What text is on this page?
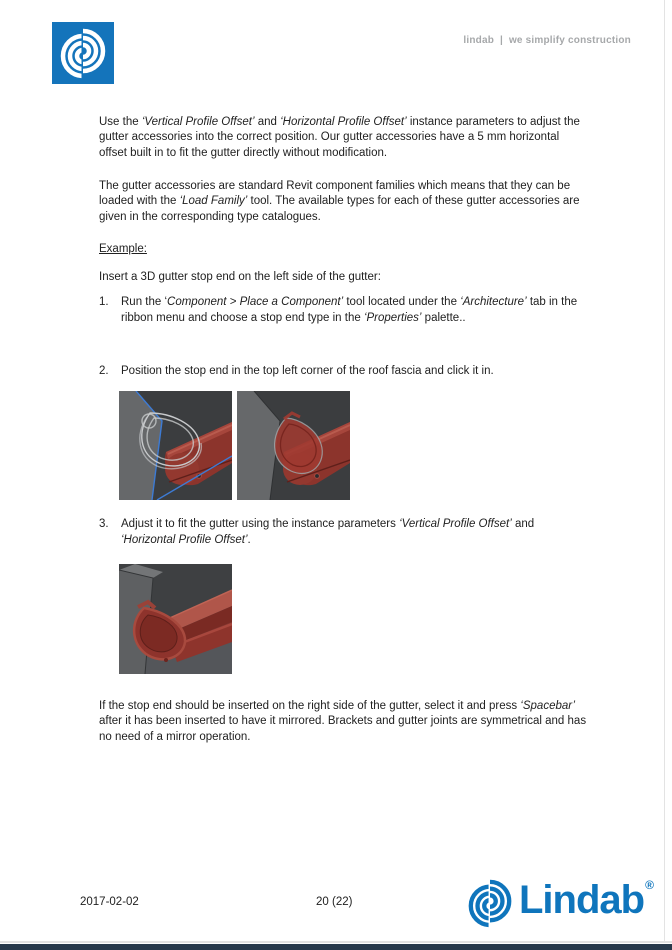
lindab  |  we simplify construction

Use the ‘Vertical Profile Offset’ and ‘Horizontal Profile Offset’ instance parameters to adjust the gutter accessories into the correct position. Our gutter accessories have a 5 mm horizontal offset built in to fit the gutter directly without modification.

The gutter accessories are standard Revit component families which means that they can be loaded with the ‘Load Family’ tool. The available types for each of these gutter accessories are given in the corresponding type catalogues.

Example:

Insert a 3D gutter stop end on the left side of the gutter:

1.	Run the ‘Component > Place a Component’ tool located under the ‘Architecture’ tab in the ribbon menu and choose a stop end type in the ‘Properties’ palette..
2.	Position the stop end in the top left corner of the roof fascia and click it in.
3.	Adjust it to fit the gutter using the instance parameters ‘Vertical Profile Offset’ and ‘Horizontal Profile Offset’.

If the stop end should be inserted on the right side of the gutter, select it and press ‘Spacebar’ after it has been inserted to have it mirrored. Brackets and gutter joints are symmetrical and has no need of a mirror operation.

2017-02-02	20 (22)	Lindab ®
